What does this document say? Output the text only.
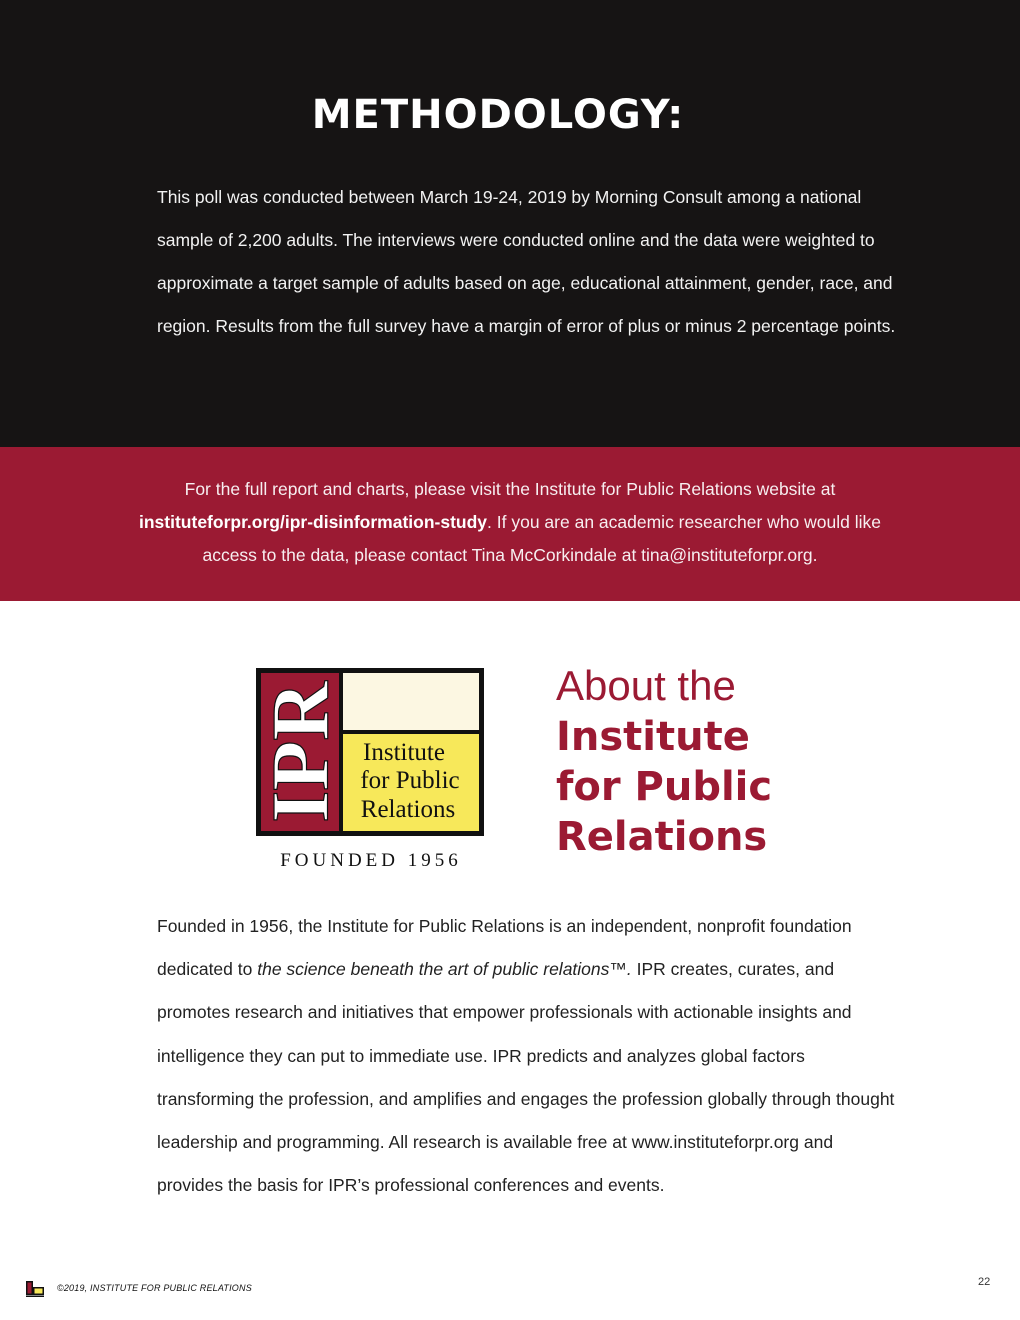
METHODOLOGY:

This poll was conducted between March 19-24, 2019 by Morning Consult among a national sample of 2,200 adults. The interviews were conducted online and the data were weighted to approximate a target sample of adults based on age, educational attainment, gender, race, and region. Results from the full survey have a margin of error of plus or minus 2 percentage points.

For the full report and charts, please visit the Institute for Public Relations website at instituteforpr.org/ipr-disinformation-study. If you are an academic researcher who would like access to the data, please contact Tina McCorkindale at tina@instituteforpr.org.

IPR Institute
for Public
Relations
FOUNDED 1956
About the
Institute
for Public
Relations

Founded in 1956, the Institute for Public Relations is an independent, nonprofit foundation dedicated to the science beneath the art of public relations™. IPR creates, curates, and promotes research and initiatives that empower professionals with actionable insights and intelligence they can put to immediate use. IPR predicts and analyzes global factors transforming the profession, and amplifies and engages the profession globally through thought leadership and programming. All research is available free at www.instituteforpr.org and provides the basis for IPR’s professional conferences and events.

©2019, INSTITUTE FOR PUBLIC RELATIONS	22
